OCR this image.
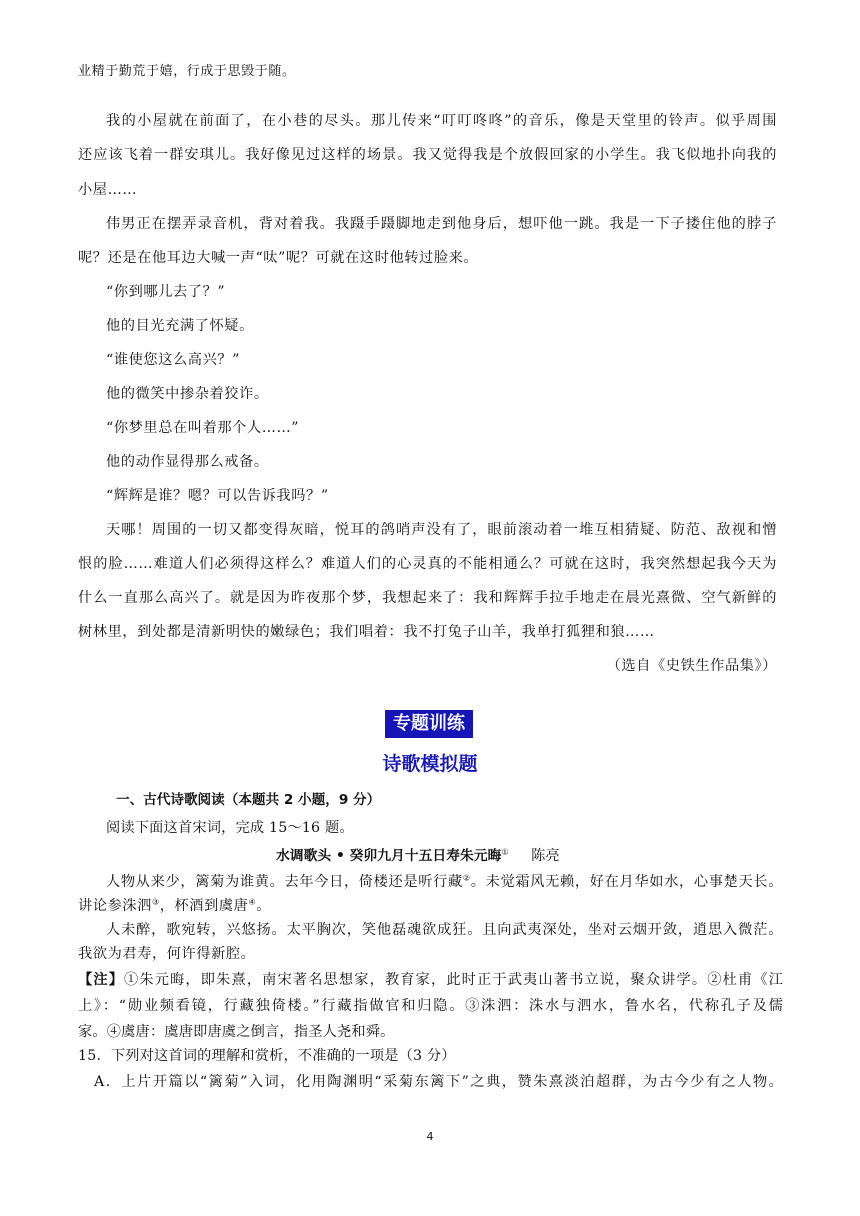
业精于勤荒于嬉，行成于思毁于随。
我的小屋就在前面了，在小巷的尽头。那儿传来“叮叮咚咚”的音乐，像是天堂里的铃声。似乎周围
还应该飞着一群安琪儿。我好像见过这样的场景。我又觉得我是个放假回家的小学生。我飞似地扑向我的
小屋……
伟男正在摆弄录音机，背对着我。我蹑手蹑脚地走到他身后，想吓他一跳。我是一下子搂住他的脖子
呢？还是在他耳边大喊一声“呔”呢？可就在这时他转过脸来。
“你到哪儿去了？”
他的目光充满了怀疑。
“谁使您这么高兴？”
他的微笑中掺杂着狡诈。
“你梦里总在叫着那个人……”
他的动作显得那么戒备。
“辉辉是谁？嗯？可以告诉我吗？”
天哪！周围的一切又都变得灰暗，悦耳的鸽哨声没有了，眼前滚动着一堆互相猜疑、防范、敌视和憎
恨的脸……难道人们必须得这样么？难道人们的心灵真的不能相通么？可就在这时，我突然想起我今天为
什么一直那么高兴了。就是因为昨夜那个梦，我想起来了：我和辉辉手拉手地走在晨光熹微、空气新鲜的
树林里，到处都是清新明快的嫩绿色；我们唱着：我不打兔子山羊，我单打狐狸和狼……
（选自《史铁生作品集》）
专题训练
诗歌模拟题
一、古代诗歌阅读（本题共 2 小题，9 分）
阅读下面这首宋词，完成 15～16 题。
水调歌头 • 癸卯九月十五日寿朱元晦① 陈亮
人物从来少，篱菊为谁黄。去年今日，倚楼还是听行藏②。未觉霜风无赖，好在月华如水，心事楚天长。
讲论参洙泗③，杯酒到虞唐④。
人未醉，歌宛转，兴悠扬。太平胸次，笑他磊魂欲成狂。且向武夷深处，坐对云烟开敛，逍思入微茫。
我欲为君寿，何许得新腔。
【注】①朱元晦，即朱熹，南宋著名思想家，教育家，此时正于武夷山著书立说，聚众讲学。②杜甫《江
上》：“勋业频看镜，行藏独倚楼。”行藏指做官和归隐。③洙泗：洙水与泗水，鲁水名，代称孔子及儒
家。④虞唐：虞唐即唐虞之倒言，指圣人尧和舜。
15．下列对这首词的理解和赏析，不准确的一项是（3 分）
A．上片开篇以“篱菊”入词，化用陶渊明“采菊东篱下”之典，赞朱熹淡泊超群，为古今少有之人物。
4
